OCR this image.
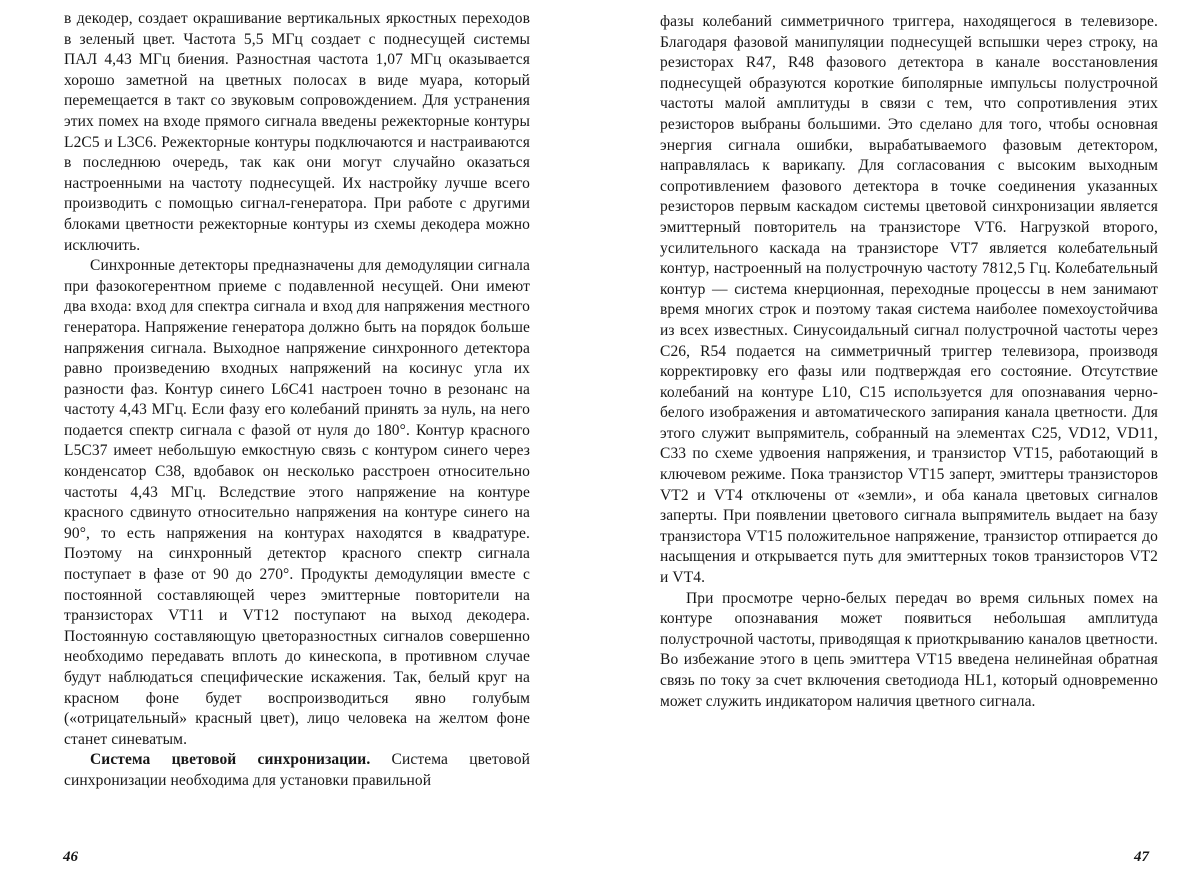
в декодер, создает окрашивание вертикальных яркостных переходов в зеленый цвет. Частота 5,5 МГц создает с поднесущей системы ПАЛ 4,43 МГц биения. Разностная частота 1,07 МГц оказывается хорошо заметной на цветных полосах в виде муара, который перемещается в такт со звуковым сопровождением. Для устранения этих помех на входе прямого сигнала введены режекторные контуры L2C5 и L3C6. Режекторные контуры подключаются и настраиваются в последнюю очередь, так как они могут случайно оказаться настроенными на частоту поднесущей. Их настройку лучше всего производить с помощью сигнал-генератора. При работе с другими блоками цветности режекторные контуры из схемы декодера можно исключить.

Синхронные детекторы предназначены для демодуляции сигнала при фазокогерентном приеме с подавленной несущей. Они имеют два входа: вход для спектра сигнала и вход для напряжения местного генератора. Напряжение генератора должно быть на порядок больше напряжения сигнала. Выходное напряжение синхронного детектора равно произведению входных напряжений на косинус угла их разности фаз. Контур синего L6C41 настроен точно в резонанс на частоту 4,43 МГц. Если фазу его колебаний принять за нуль, на него подается спектр сигнала с фазой от нуля до 180°. Контур красного L5C37 имеет небольшую емкостную связь с контуром синего через конденсатор С38, вдобавок он несколько расстроен относительно частоты 4,43 МГц. Вследствие этого напряжение на контуре красного сдвинуто относительно напряжения на контуре синего на 90°, то есть напряжения на контурах находятся в квадратуре. Поэтому на синхронный детектор красного спектр сигнала поступает в фазе от 90 до 270°. Продукты демодуляции вместе с постоянной составляющей через эмиттерные повторители на транзисторах VT11 и VT12 поступают на выход декодера. Постоянную составляющую цветоразностных сигналов совершенно необходимо передавать вплоть до кинескопа, в противном случае будут наблюдаться специфические искажения. Так, белый круг на красном фоне будет воспроизводиться явно голубым («отрицательный» красный цвет), лицо человека на желтом фоне станет синеватым.

Система цветовой синхронизации. Система цветовой синхронизации необходима для установки правильной

фазы колебаний симметричного триггера, находящегося в телевизоре. Благодаря фазовой манипуляции поднесущей вспышки через строку, на резисторах R47, R48 фазового детектора в канале восстановления поднесущей образуются короткие биполярные импульсы полустрочной частоты малой амплитуды в связи с тем, что сопротивления этих резисторов выбраны большими. Это сделано для того, чтобы основная энергия сигнала ошибки, вырабатываемого фазовым детектором, направлялась к варикапу. Для согласования с высоким выходным сопротивлением фазового детектора в точке соединения указанных резисторов первым каскадом системы цветовой синхронизации является эмиттерный повторитель на транзисторе VT6. Нагрузкой второго, усилительного каскада на транзисторе VT7 является колебательный контур, настроенный на полустрочную частоту 7812,5 Гц. Колебательный контур — система кнерционная, переходные процессы в нем занимают время многих строк и поэтому такая система наиболее помехоустойчива из всех известных. Синусоидальный сигнал полустрочной частоты через С26, R54 подается на симметричный триггер телевизора, производя корректировку его фазы или подтверждая его состояние. Отсутствие колебаний на контуре L10, С15 используется для опознавания черно-белого изображения и автоматического запирания канала цветности. Для этого служит выпрямитель, собранный на элементах С25, VD12, VD11, С33 по схеме удвоения напряжения, и транзистор VT15, работающий в ключевом режиме. Пока транзистор VT15 заперт, эмиттеры транзисторов VT2 и VT4 отключены от «земли», и оба канала цветовых сигналов заперты. При появлении цветового сигнала выпрямитель выдает на базу транзистора VT15 положительное напряжение, транзистор отпирается до насыщения и открывается путь для эмиттерных токов транзисторов VT2 и VT4.

При просмотре черно-белых передач во время сильных помех на контуре опознавания может появиться небольшая амплитуда полустрочной частоты, приводящая к приоткрыванию каналов цветности. Во избежание этого в цепь эмиттера VT15 введена нелинейная обратная связь по току за счет включения светодиода HL1, который одновременно может служить индикатором наличия цветного сигнала.

46	47
